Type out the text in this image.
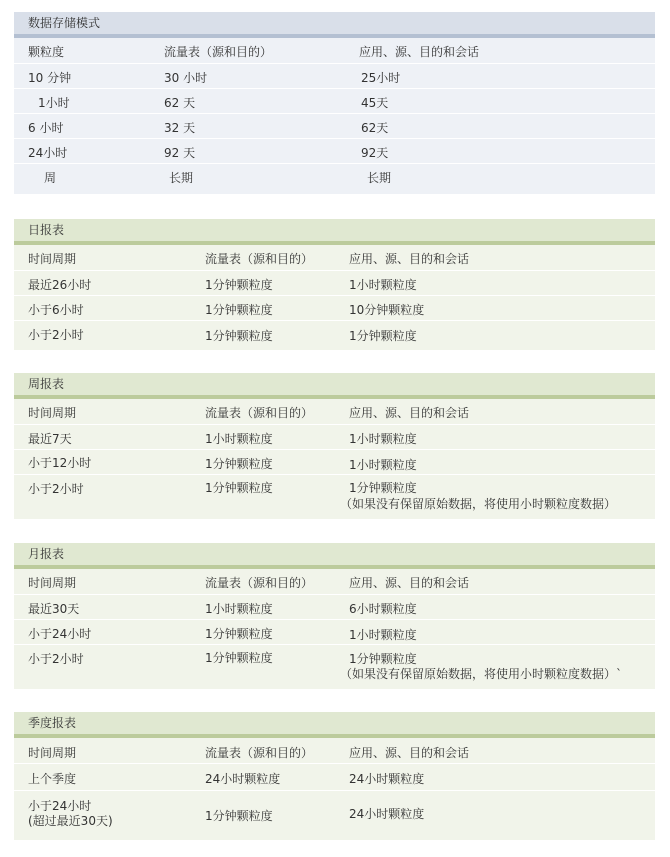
数据存储模式
颗粒度	流量表（源和目的）	应用、源、目的和会话
10 分钟	30 小时	25小时
1小时	62 天	45天
6 小时	32 天	62天
24小时	92 天	92天
周	长期	长期
日报表
时间周期	流量表（源和目的）	应用、源、目的和会话
最近26小时	1分钟颗粒度	1小时颗粒度
小于6小时	1分钟颗粒度	10分钟颗粒度
小于2小时	1分钟颗粒度	1分钟颗粒度
周报表
时间周期	流量表（源和目的）	应用、源、目的和会话
最近7天	1小时颗粒度	1小时颗粒度
小于12小时	1分钟颗粒度	1小时颗粒度
小于2小时	1分钟颗粒度	1分钟颗粒度
（如果没有保留原始数据，将使用小时颗粒度数据）
月报表
时间周期	流量表（源和目的）	应用、源、目的和会话
最近30天	1小时颗粒度	6小时颗粒度
小于24小时	1分钟颗粒度	1小时颗粒度
小于2小时	1分钟颗粒度	1分钟颗粒度
（如果没有保留原始数据，将使用小时颗粒度数据）`
季度报表
时间周期	流量表（源和目的）	应用、源、目的和会话
上个季度	24小时颗粒度	24小时颗粒度
小于24小时
(超过最近30天)	1分钟颗粒度	24小时颗粒度
